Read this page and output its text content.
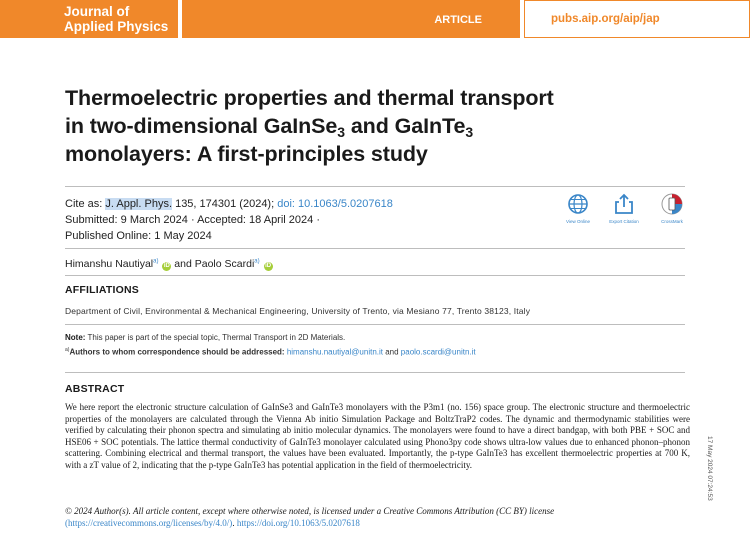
Journal of
Applied Physics	ARTICLE	pubs.aip.org/aip/jap
Thermoelectric properties and thermal transport
in two-dimensional GaInSe$_3$ and GaInTe$_3$
monolayers: A first-principles study
Cite as: J. Appl. Phys. 135, 174301 (2024); doi: 10.1063/5.0207618
Submitted: 9 March 2024 · Accepted: 18 April 2024 ·
Published Online: 1 May 2024
View Online	Export Citation	CrossMark
Himanshu Nautiyal$^{a)}$ iD and Paolo Scardi$^{a)}$ iD
AFFILIATIONS
Department of Civil, Environmental & Mechanical Engineering, University of Trento, via Mesiano 77, Trento 38123, Italy
Note: This paper is part of the special topic, Thermal Transport in 2D Materials.
$^{a)}$Authors to whom correspondence should be addressed: himanshu.nautiyal@unitn.it and paolo.scardi@unitn.it
ABSTRACT
We here report the electronic structure calculation of GaInSe3 and GaInTe3 monolayers with the P3m1 (no. 156) space group. The electronic structure and thermoelectric properties of the monolayers are calculated through the Vienna Ab initio Simulation Package and BoltzTraP2 codes. The dynamic and thermodynamic stabilities were verified by calculating their phonon spectra and simulating ab initio molecular dynamics. The monolayers were found to have a direct bandgap, with both PBE + SOC and HSE06 + SOC potentials. The lattice thermal conductivity of GaInTe3 monolayer calculated using Phono3py code shows ultra-low values due to enhanced phonon–phonon scattering. Combining electrical and thermal transport, the values have been evaluated. Importantly, the p-type GaInTe3 has excellent thermoelectric properties at 700 K, with a zT value of 2, indicating that the p-type GaInTe3 has potential application in the field of thermoelectricity.
© 2024 Author(s). All article content, except where otherwise noted, is licensed under a Creative Commons Attribution (CC BY) license (https://creativecommons.org/licenses/by/4.0/). https://doi.org/10.1063/5.0207618
17 May 2024 07:24:53
